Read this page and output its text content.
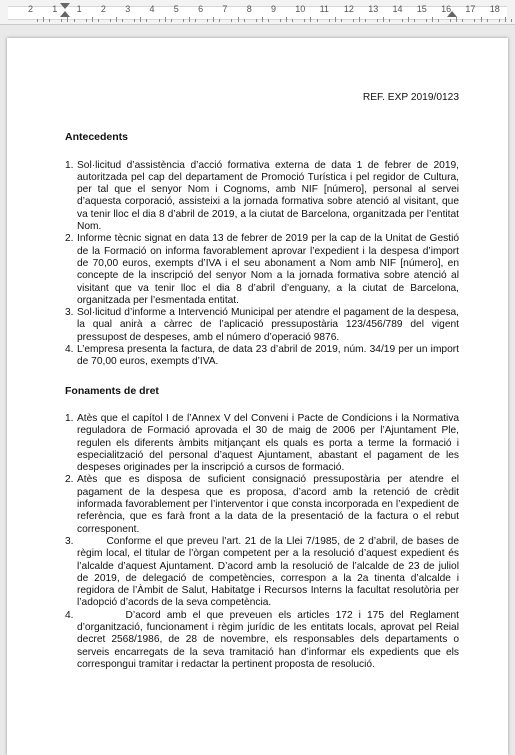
2 1 1 2 3 4 5 6 7 8 9 10 11 12 13 14 15 16 17 18

REF. EXP 2019/0123

Antecedents
1. Sol·licitud d’assistència d’acció formativa externa de data 1 de febrer de 2019, autoritzada pel cap del departament de Promoció Turística i pel regidor de Cultura, per tal que el senyor Nom i Cognoms, amb NIF [número], personal al servei d’aquesta corporació, assisteixi a la jornada formativa sobre atenció al visitant, que va tenir lloc el dia 8 d’abril de 2019, a la ciutat de Barcelona, organitzada per l’entitat Nom.
2. Informe tècnic signat en data 13 de febrer de 2019 per la cap de la Unitat de Gestió de la Formació on informa favorablement aprovar l’expedient i la despesa d’import de 70,00 euros, exempts d’IVA i el seu abonament a Nom amb NIF [número], en concepte de la inscripció del senyor Nom a la jornada formativa sobre atenció al visitant que va tenir lloc el dia 8 d’abril d’enguany, a la ciutat de Barcelona, organitzada per l’esmentada entitat.
3. Sol·licitud d’informe a Intervenció Municipal per atendre el pagament de la despesa, la qual anirà a càrrec de l’aplicació pressupostària 123/456/789 del vigent pressupost de despeses, amb el número d’operació 9876.
4. L’empresa presenta la factura, de data 23 d’abril de 2019, núm. 34/19 per un import de 70,00 euros, exempts d’IVA.
Fonaments de dret
1. Atès que el capítol I de l’Annex V del Conveni i Pacte de Condicions i la Normativa reguladora de Formació aprovada el 30 de maig de 2006 per l’Ajuntament Ple, regulen els diferents àmbits mitjançant els quals es porta a terme la formació i especialització del personal d’aquest Ajuntament, abastant el pagament de les despeses originades per la inscripció a cursos de formació.
2. Atès que es disposa de suficient consignació pressupostària per atendre el pagament de la despesa que es proposa, d’acord amb la retenció de crèdit informada favorablement per l’interventor i que consta incorporada en l’expedient de referència, que es farà front a la data de la presentació de la factura o el rebut corresponent.
3. Conforme el que preveu l’art. 21 de la Llei 7/1985, de 2 d’abril, de bases de règim local, el titular de l’òrgan competent per a la resolució d’aquest expedient és l’alcalde d’aquest Ajuntament. D’acord amb la resolució de l’alcalde de 23 de juliol de 2019, de delegació de competències, correspon a la 2a tinenta d’alcalde i regidora de l’Àmbit de Salut, Habitatge i Recursos Interns la facultat resolutòria per l’adopció d’acords de la seva competència.
4. D’acord amb el que preveuen els articles 172 i 175 del Reglament d’organització, funcionament i règim jurídic de les entitats locals, aprovat pel Reial decret 2568/1986, de 28 de novembre, els responsables dels departaments o serveis encarregats de la seva tramitació han d’informar els expedients que els correspongui tramitar i redactar la pertinent proposta de resolució.
